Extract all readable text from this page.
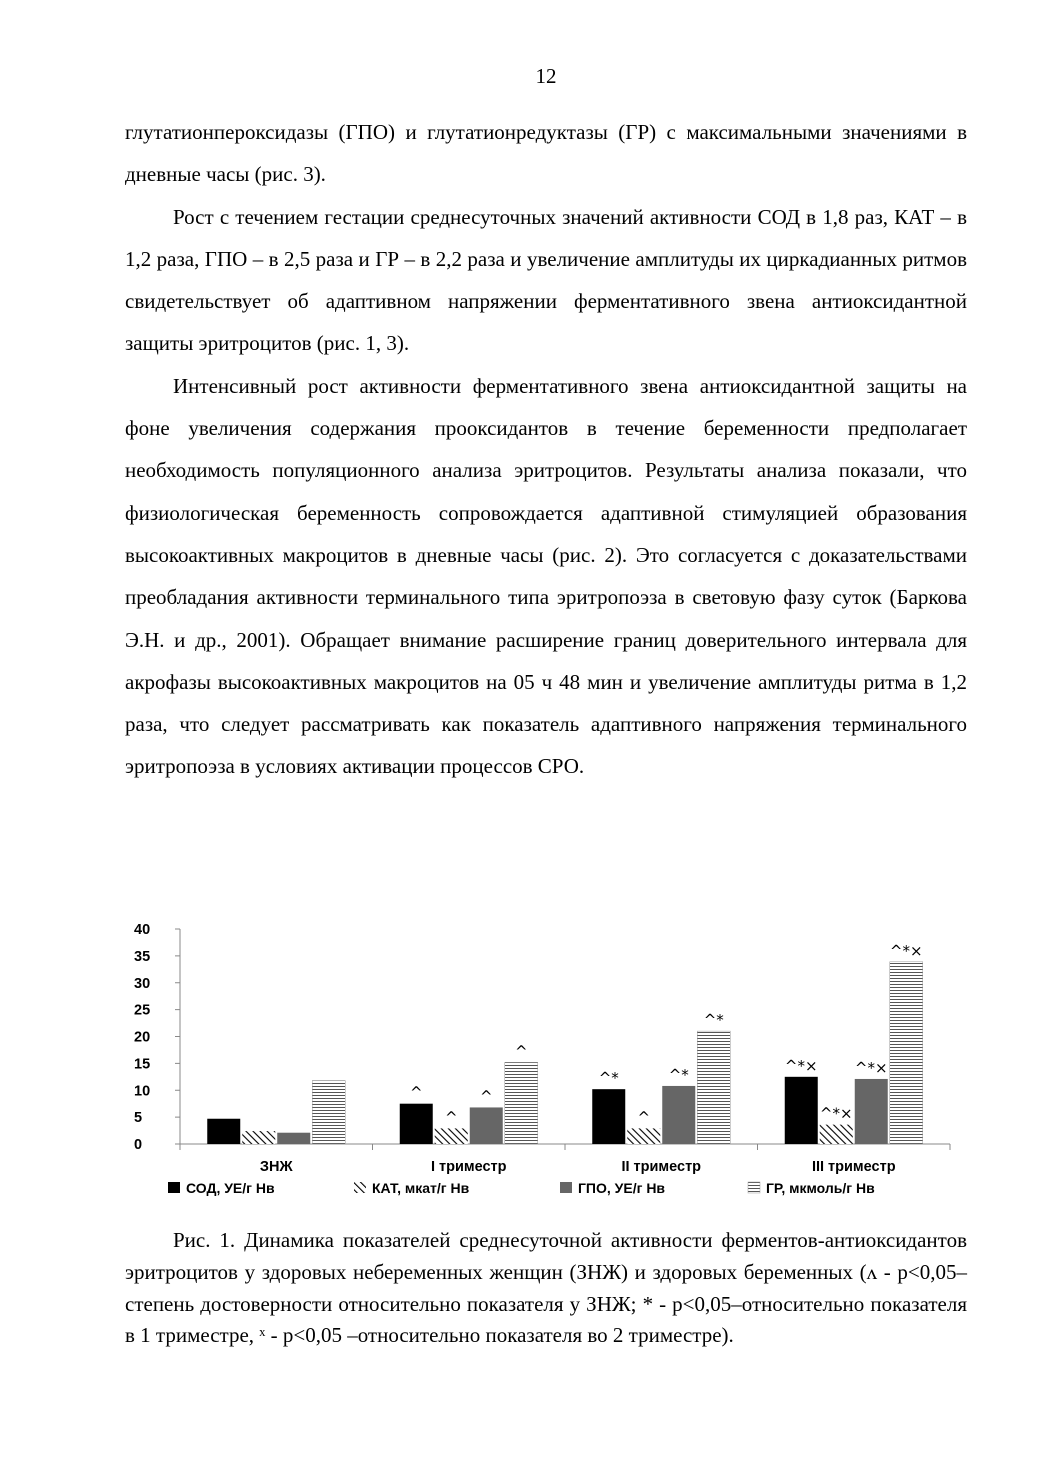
12

глутатионпероксидазы (ГПО) и глутатионредуктазы (ГР) с максимальными значениями в дневные часы (рис. 3).

Рост с течением гестации среднесуточных значений активности СОД в 1,8 раз, КАТ – в 1,2 раза, ГПО – в 2,5 раза и ГР – в 2,2 раза и увеличение амплитуды их циркадианных ритмов свидетельствует об адаптивном напряжении ферментативного звена антиоксидантной защиты эритроцитов (рис. 1, 3).

Интенсивный рост активности ферментативного звена антиоксидантной защиты на фоне увеличения содержания прооксидантов в течение беременности предполагает необходимость популяционного анализа эритроцитов. Результаты анализа показали, что физиологическая беременность сопровождается адаптивной стимуляцией образования высокоактивных макроцитов в дневные часы (рис. 2). Это согласуется с доказательствами преобладания активности терминального типа эритропоэза в световую фазу суток (Баркова Э.Н. и др., 2001). Обращает внимание расширение границ доверительного интервала для акрофазы высокоактивных макроцитов на 05 ч 48 мин и увеличение амплитуды ритма в 1,2 раза, что следует рассматривать как показатель адаптивного напряжения терминального эритропоэза в условиях активации процессов СРО.

0
5
10
15
20
25
30
35
40
ЗНЖ
^
^
^
^
I триместр
^*
^
^*
^*
II триместр
^*×
^*×
^*×
^*×
III триместр
СОД, УЕ/г Нв	КАТ, мкат/г Нв	ГПО, УЕ/г Нв	ГР, мкмоль/г Нв
Рис. 1. Динамика показателей среднесуточной активности ферментов-антиоксидантов эритроцитов у здоровых небеременных женщин (ЗНЖ) и здоровых беременных (ʌ - p<0,05– степень достоверности относительно показателя у ЗНЖ; * - p<0,05–относительно показателя в 1 триместре, ˣ - p<0,05 –относительно показателя во 2 триместре).
